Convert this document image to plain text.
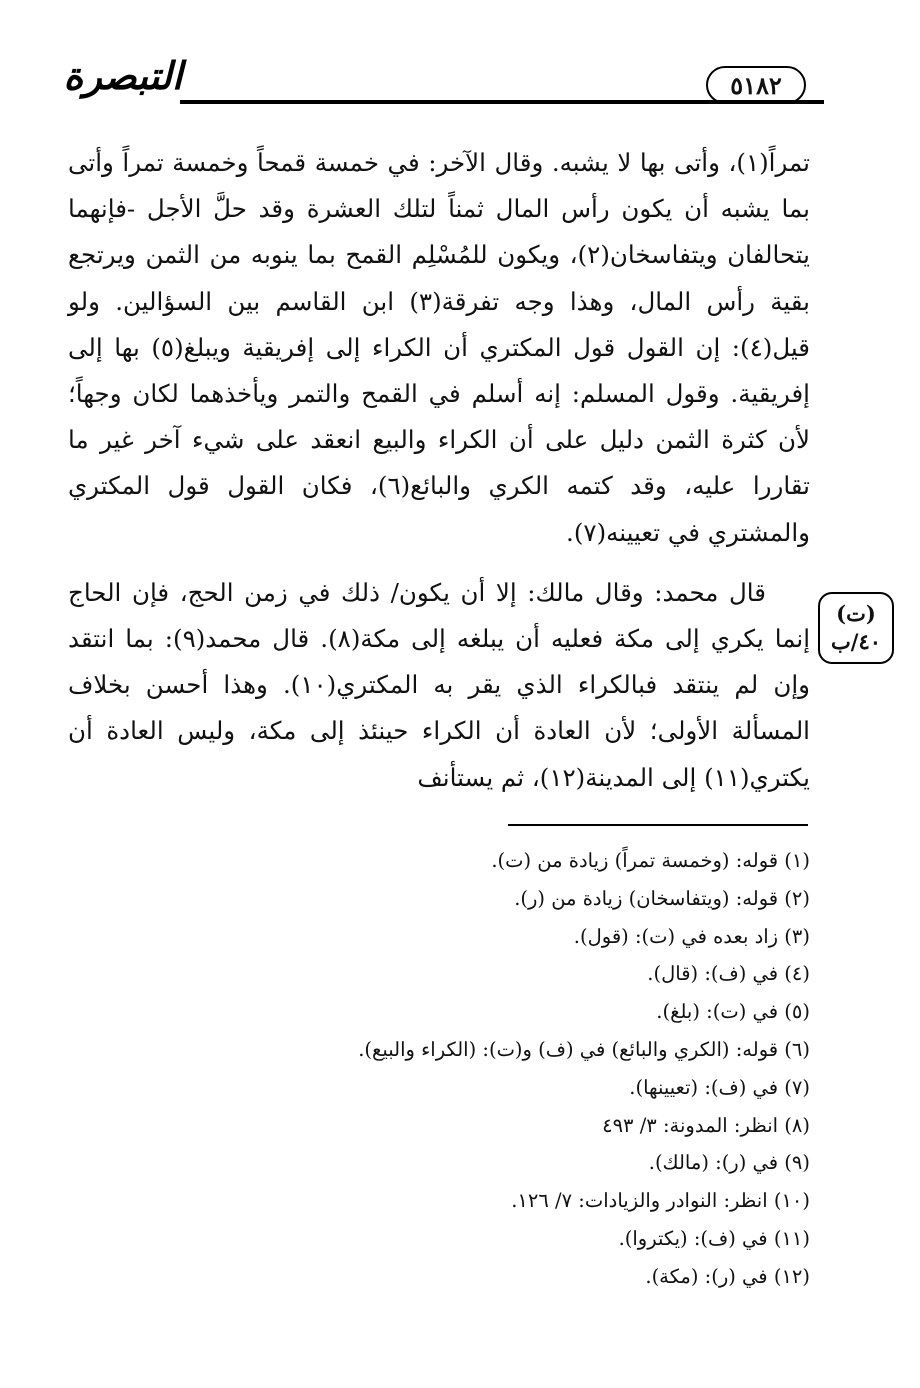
التبصرة	٥١٨٢

تمراً(١)، وأتى بها لا يشبه. وقال الآخر: في خمسة قمحاً وخمسة تمراً وأتى بما يشبه أن يكون رأس المال ثمناً لتلك العشرة وقد حلَّ الأجل -فإنهما يتحالفان ويتفاسخان(٢)، ويكون للمُسْلِم القمح بما ينوبه من الثمن ويرتجع بقية رأس المال، وهذا وجه تفرقة(٣) ابن القاسم بين السؤالين. ولو قيل(٤): إن القول قول المكتري أن الكراء إلى إفريقية ويبلغ(٥) بها إلى إفريقية. وقول المسلم: إنه أسلم في القمح والتمر ويأخذهما لكان وجهاً؛ لأن كثرة الثمن دليل على أن الكراء والبيع انعقد على شيء آخر غير ما تقاررا عليه، وقد كتمه الكري والبائع(٦)، فكان القول قول المكتري والمشتري في تعيينه(٧).

قال محمد: وقال مالك: إلا أن يكون/ ذلك في زمن الحج، فإن الحاج إنما يكري إلى مكة فعليه أن يبلغه إلى مكة(٨). قال محمد(٩): بما انتقد وإن لم ينتقد فبالكراء الذي يقر به المكتري(١٠). وهذا أحسن بخلاف المسألة الأولى؛ لأن العادة أن الكراء حينئذ إلى مكة، وليس العادة أن يكتري(١١) إلى المدينة(١٢)، ثم يستأنف

(ت)
٤٠/ب
(١) قوله: (وخمسة تمراً) زيادة من (ت).
(٢) قوله: (ويتفاسخان) زيادة من (ر).
(٣) زاد بعده في (ت): (قول).
(٤) في (ف): (قال).
(٥) في (ت): (بلغ).
(٦) قوله: (الكري والبائع) في (ف) و(ت): (الكراء والبيع).
(٧) في (ف): (تعيينها).
(٨) انظر: المدونة: ٣/ ٤٩٣
(٩) في (ر): (مالك).
(١٠) انظر: النوادر والزيادات: ٧/ ١٢٦.
(١١) في (ف): (يكتروا).
(١٢) في (ر): (مكة).
